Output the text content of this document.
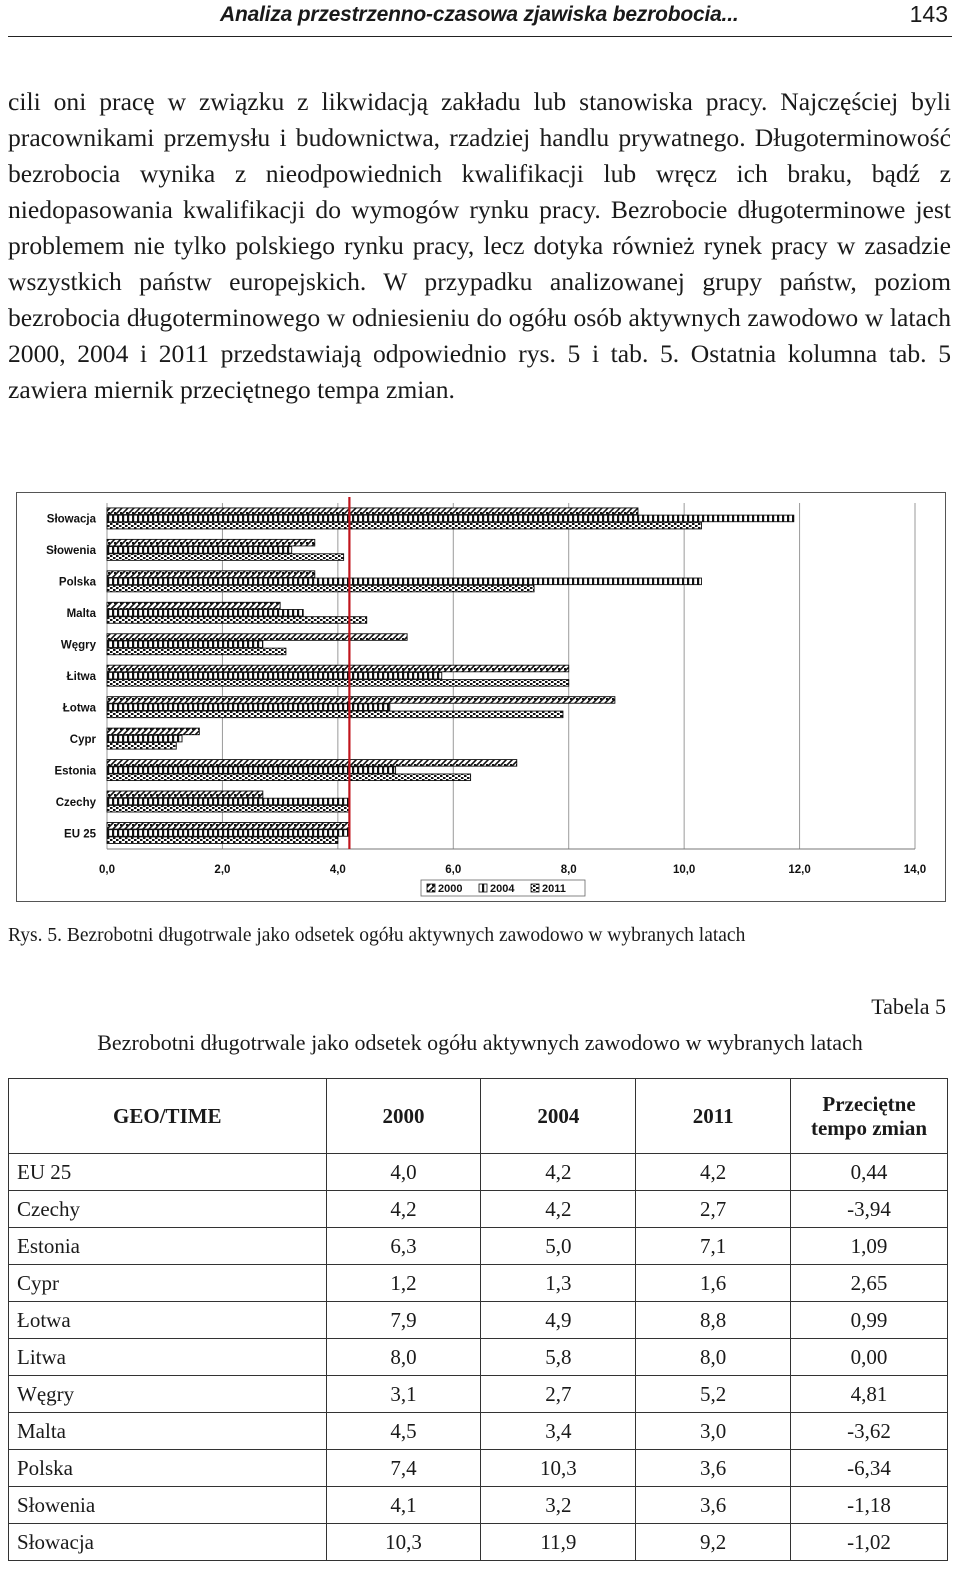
Analiza przestrzenno-czasowa zjawiska bezrobocia...	143
cili oni pracę w związku z likwidacją zakładu lub stanowiska pracy. Najczęściej byli pracownikami przemysłu i budownictwa, rzadziej handlu prywatnego. Długoterminowość bezrobocia wynika z nieodpowiednich kwalifikacji lub wręcz ich braku, bądź z niedopasowania kwalifikacji do wymogów rynku pracy. Bezrobocie długoterminowe jest problemem nie tylko polskiego rynku pracy, lecz dotyka również rynek pracy w zasadzie wszystkich państw europejskich. W przypadku analizowanej grupy państw, poziom bezrobocia długoterminowego w odniesieniu do ogółu osób aktywnych zawodowo w latach 2000, 2004 i 2011 przedstawiają odpowiednio rys. 5 i tab. 5. Ostatnia kolumna tab. 5 zawiera miernik przeciętnego tempa zmian.
Słowacja
Słowenia
Polska
Malta
Węgry
Łitwa
Łotwa
Cypr
Estonia
Czechy
EU 25
0,0	2,0	4,0	6,0	8,0	10,0	12,0	14,0
2000	2004	2011
Rys. 5. Bezrobotni długotrwale jako odsetek ogółu aktywnych zawodowo w wybranych latach
Tabela 5
Bezrobotni długotrwale jako odsetek ogółu aktywnych zawodowo w wybranych latach
GEO/TIME	2000	2004	2011	Przeciętne tempo zmian
EU 25	4,0	4,2	4,2	0,44
Czechy	4,2	4,2	2,7	-3,94
Estonia	6,3	5,0	7,1	1,09
Cypr	1,2	1,3	1,6	2,65
Łotwa	7,9	4,9	8,8	0,99
Litwa	8,0	5,8	8,0	0,00
Węgry	3,1	2,7	5,2	4,81
Malta	4,5	3,4	3,0	-3,62
Polska	7,4	10,3	3,6	-6,34
Słowenia	4,1	3,2	3,6	-1,18
Słowacja	10,3	11,9	9,2	-1,02
